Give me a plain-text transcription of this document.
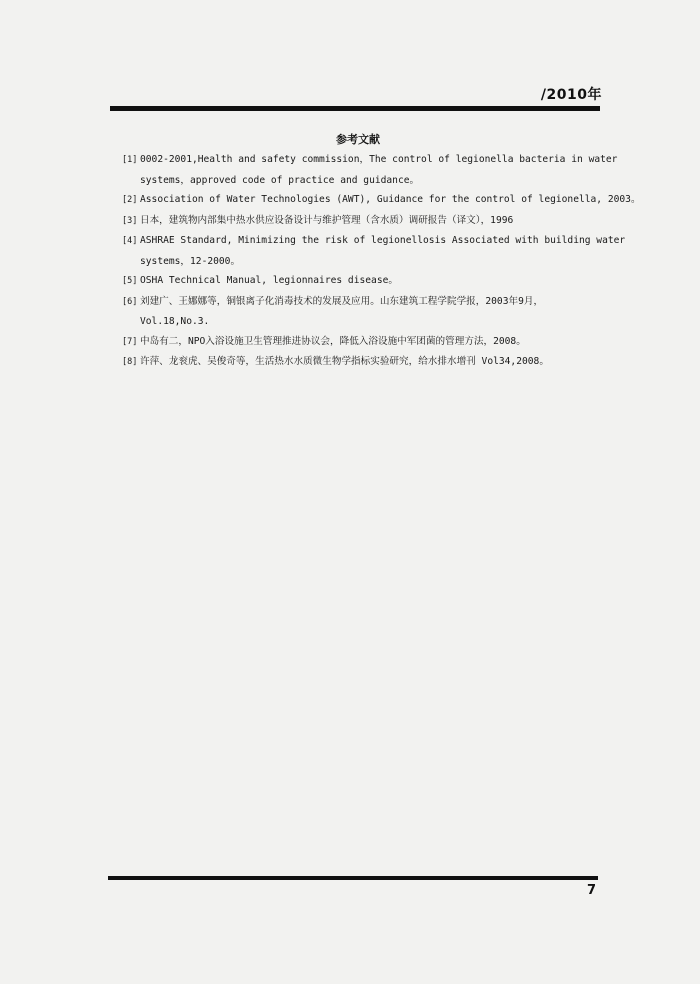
/2010年
参考文献
[1] 0002-2001,Health and safety commission，The control of legionella bacteria in water
systems，approved code of practice and guidance。
[2] Association of Water Technologies (AWT), Guidance for the control of legionella, 2003。
[3] 日本，建筑物内部集中热水供应设备设计与维护管理（含水质）调研报告（译文），1996
[4] ASHRAE Standard, Minimizing the risk of legionellosis Associated with building water
systems，12-2000。
[5] OSHA Technical Manual, legionnaires disease。
[6] 刘建广、王娜娜等，铜银离子化消毒技术的发展及应用。山东建筑工程学院学报，2003年9月，
Vol.18,No.3.
[7] 中岛有二，NPO入浴设施卫生管理推进协议会，降低入浴设施中军团菌的管理方法，2008。
[8] 许萍、龙衮虎、吴俊奇等，生活热水水质微生物学指标实验研究，给水排水增刊 Vol34,2008。
7
